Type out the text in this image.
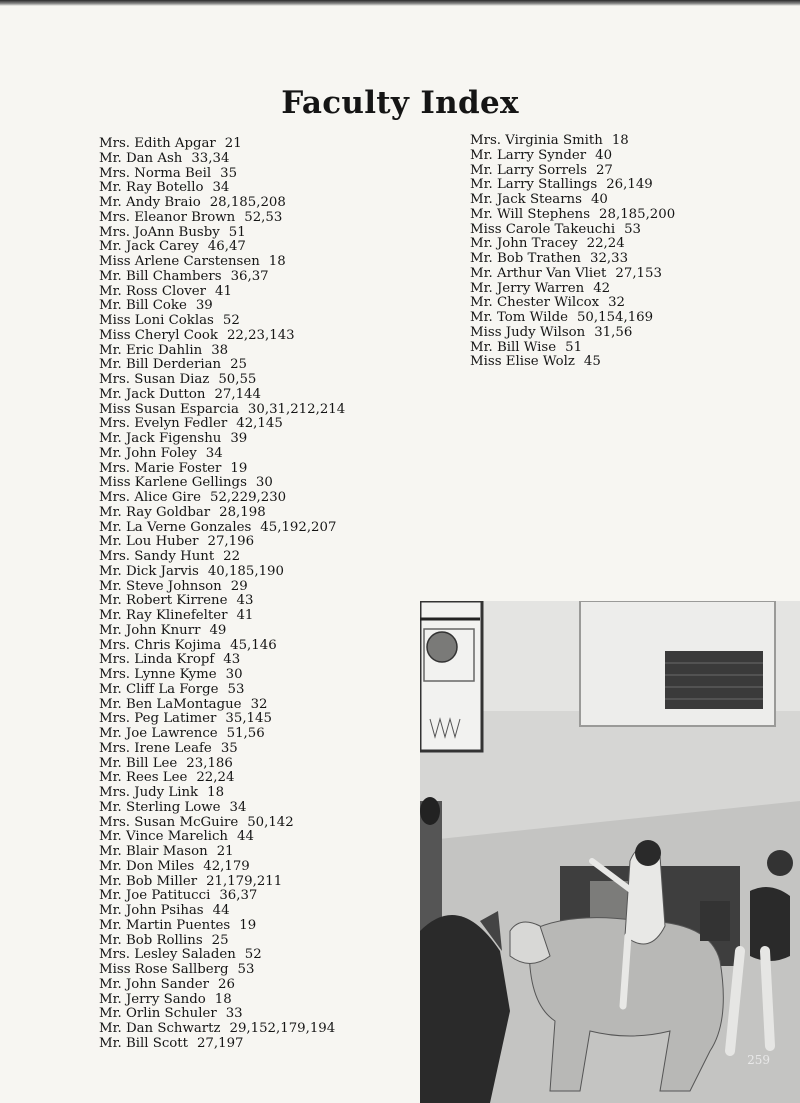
Faculty Index
Mrs. Edith Apgar 21
Mr. Dan Ash 33,34
Mrs. Norma Beil 35
Mr. Ray Botello 34
Mr. Andy Braio 28,185,208
Mrs. Eleanor Brown 52,53
Mrs. JoAnn Busby 51
Mr. Jack Carey 46,47
Miss Arlene Carstensen 18
Mr. Bill Chambers 36,37
Mr. Ross Clover 41
Mr. Bill Coke 39
Miss Loni Coklas 52
Miss Cheryl Cook 22,23,143
Mr. Eric Dahlin 38
Mr. Bill Derderian 25
Mrs. Susan Diaz 50,55
Mr. Jack Dutton 27,144
Miss Susan Esparcia 30,31,212,214
Mrs. Evelyn Fedler 42,145
Mr. Jack Figenshu 39
Mr. John Foley 34
Mrs. Marie Foster 19
Miss Karlene Gellings 30
Mrs. Alice Gire 52,229,230
Mr. Ray Goldbar 28,198
Mr. La Verne Gonzales 45,192,207
Mr. Lou Huber 27,196
Mrs. Sandy Hunt 22
Mr. Dick Jarvis 40,185,190
Mr. Steve Johnson 29
Mr. Robert Kirrene 43
Mr. Ray Klinefelter 41
Mr. John Knurr 49
Mrs. Chris Kojima 45,146
Mrs. Linda Kropf 43
Mrs. Lynne Kyme 30
Mr. Cliff La Forge 53
Mr. Ben LaMontague 32
Mrs. Peg Latimer 35,145
Mr. Joe Lawrence 51,56
Mrs. Irene Leafe 35
Mr. Bill Lee 23,186
Mr. Rees Lee 22,24
Mrs. Judy Link 18
Mr. Sterling Lowe 34
Mrs. Susan McGuire 50,142
Mr. Vince Marelich 44
Mr. Blair Mason 21
Mr. Don Miles 42,179
Mr. Bob Miller 21,179,211
Mr. Joe Patitucci 36,37
Mr. John Psihas 44
Mr. Martin Puentes 19
Mr. Bob Rollins 25
Mrs. Lesley Saladen 52
Miss Rose Sallberg 53
Mr. John Sander 26
Mr. Jerry Sando 18
Mr. Orlin Schuler 33
Mr. Dan Schwartz 29,152,179,194
Mr. Bill Scott 27,197
Mrs. Virginia Smith 18
Mr. Larry Synder 40
Mr. Larry Sorrels 27
Mr. Larry Stallings 26,149
Mr. Jack Stearns 40
Mr. Will Stephens 28,185,200
Miss Carole Takeuchi 53
Mr. John Tracey 22,24
Mr. Bob Trathen 32,33
Mr. Arthur Van Vliet 27,153
Mr. Jerry Warren 42
Mr. Chester Wilcox 32
Mr. Tom Wilde 50,154,169
Miss Judy Wilson 31,56
Mr. Bill Wise 51
Miss Elise Wolz 45
259
